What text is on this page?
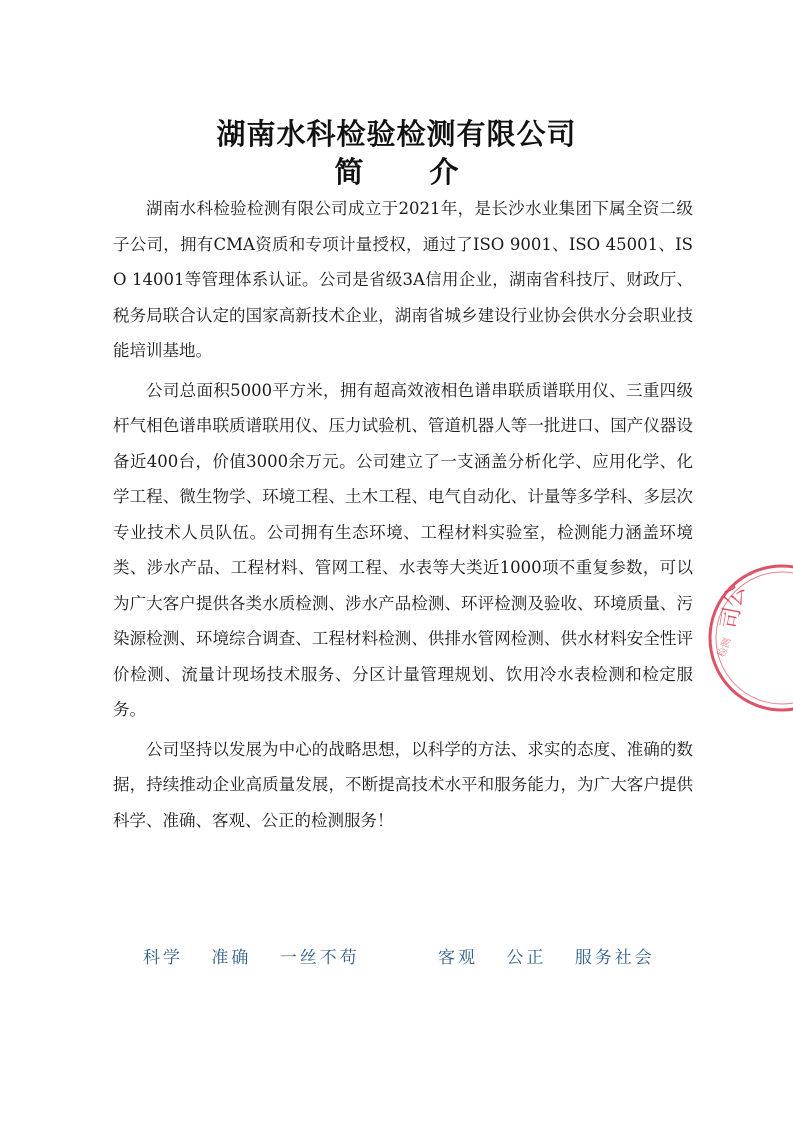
湖南水科检验检测有限公司
简 介

湖南水科检验检测有限公司成立于2021年，是长沙水业集团下属全资二级子公司，拥有CMA资质和专项计量授权，通过了ISO 9001、ISO 45001、ISO 14001等管理体系认证。公司是省级3A信用企业，湖南省科技厅、财政厅、税务局联合认定的国家高新技术企业，湖南省城乡建设行业协会供水分会职业技能培训基地。

公司总面积5000平方米，拥有超高效液相色谱串联质谱联用仪、三重四级杆气相色谱串联质谱联用仪、压力试验机、管道机器人等一批进口、国产仪器设备近400台，价值3000余万元。公司建立了一支涵盖分析化学、应用化学、化学工程、微生物学、环境工程、土木工程、电气自动化、计量等多学科、多层次专业技术人员队伍。公司拥有生态环境、工程材料实验室，检测能力涵盖环境类、涉水产品、工程材料、管网工程、水表等大类近1000项不重复参数，可以为广大客户提供各类水质检测、涉水产品检测、环评检测及验收、环境质量、污染源检测、环境综合调查、工程材料检测、供排水管网检测、供水材料安全性评价检测、流量计现场技术服务、分区计量管理规划、饮用冷水表检测和检定服务。

公司坚持以发展为中心的战略思想，以科学的方法、求实的态度、准确的数据，持续推动企业高质量发展，不断提高技术水平和服务能力，为广大客户提供科学、准确、客观、公正的检测服务！

科学 准确 一丝不苟	客观 公正 服务社会
司公
检测
